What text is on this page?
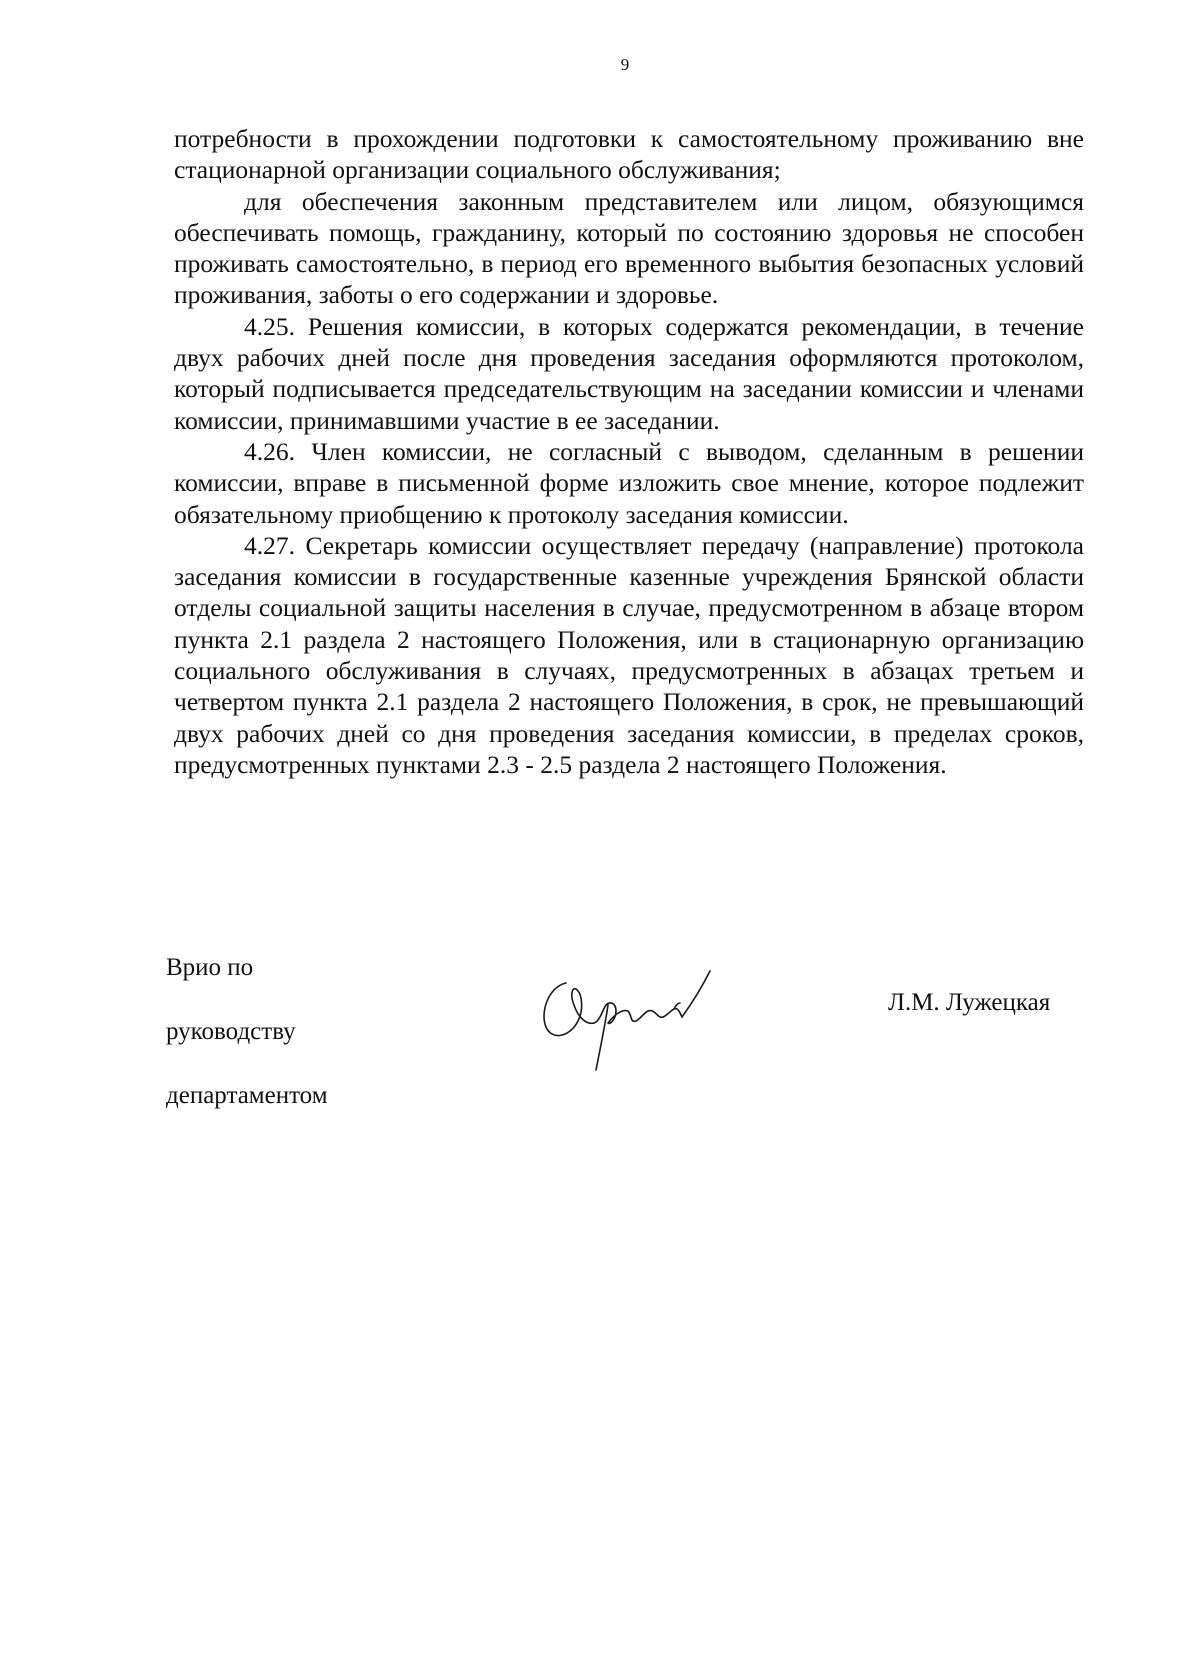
9

потребности в прохождении подготовки к самостоятельному проживанию вне стационарной организации социального обслуживания;

для обеспечения законным представителем или лицом, обязующимся обеспечивать помощь, гражданину, который по состоянию здоровья не способен проживать самостоятельно, в период его временного выбытия безопасных условий проживания, заботы о его содержании и здоровье.

4.25. Решения комиссии, в которых содержатся рекомендации, в течение двух рабочих дней после дня проведения заседания оформляются протоколом, который подписывается председательствующим на заседании комиссии и членами комиссии, принимавшими участие в ее заседании.

4.26. Член комиссии, не согласный с выводом, сделанным в решении комиссии, вправе в письменной форме изложить свое мнение, которое подлежит обязательному приобщению к протоколу заседания комиссии.

4.27. Секретарь комиссии осуществляет передачу (направление) протокола заседания комиссии в государственные казенные учреждения Брянской области отделы социальной защиты населения в случае, предусмотренном в абзаце втором пункта 2.1 раздела 2 настоящего Положения, или в стационарную организацию социального обслуживания в случаях, предусмотренных в абзацах третьем и четвертом пункта 2.1 раздела 2 настоящего Положения, в срок, не превышающий двух рабочих дней со дня проведения заседания комиссии, в пределах сроков, предусмотренных пунктами 2.3 - 2.5 раздела 2 настоящего Положения.

Врио по

руководству

департаментом

Л.М. Лужецкая
